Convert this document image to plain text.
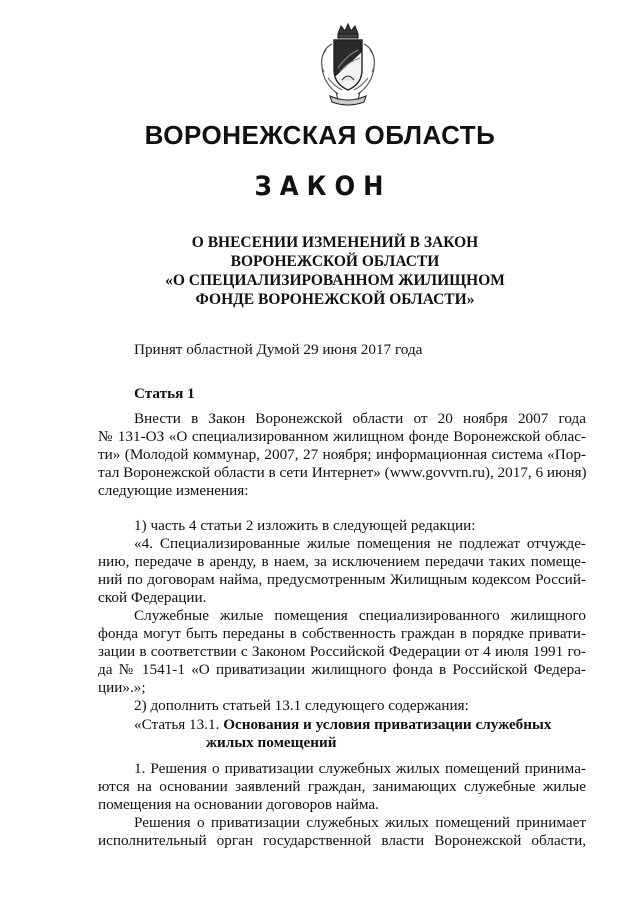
ВОРОНЕЖСКАЯ ОБЛАСТЬ
ЗАКОН
О ВНЕСЕНИИ ИЗМЕНЕНИЙ В ЗАКОН
ВОРОНЕЖСКОЙ ОБЛАСТИ
«О СПЕЦИАЛИЗИРОВАННОМ ЖИЛИЩНОМ
ФОНДЕ ВОРОНЕЖСКОЙ ОБЛАСТИ»
Принят областной Думой 29 июня 2017 года
Статья 1
Внести в Закон Воронежской области от 20 ноября 2007 года
№ 131-ОЗ «О специализированном жилищном фонде Воронежской облас-
ти» (Молодой коммунар, 2007, 27 ноября; информационная система «Пор-
тал Воронежской области в сети Интернет» (www.govvrn.ru), 2017, 6 июня)
следующие изменения:
1) часть 4 статьи 2 изложить в следующей редакции:
«4. Специализированные жилые помещения не подлежат отчужде-
нию, передаче в аренду, в наем, за исключением передачи таких помеще-
ний по договорам найма, предусмотренным Жилищным кодексом Россий-
ской Федерации.
Служебные жилые помещения специализированного жилищного
фонда могут быть переданы в собственность граждан в порядке привати-
зации в соответствии с Законом Российской Федерации от 4 июля 1991 го-
да № 1541-1 «О приватизации жилищного фонда в Российской Федера-
ции».»;
2) дополнить статьей 13.1 следующего содержания:
«Статья 13.1. Основания и условия приватизации служебных
жилых помещений
1. Решения о приватизации служебных жилых помещений принима-
ются на основании заявлений граждан, занимающих служебные жилые
помещения на основании договоров найма.
Решения о приватизации служебных жилых помещений принимает
исполнительный орган государственной власти Воронежской области,
